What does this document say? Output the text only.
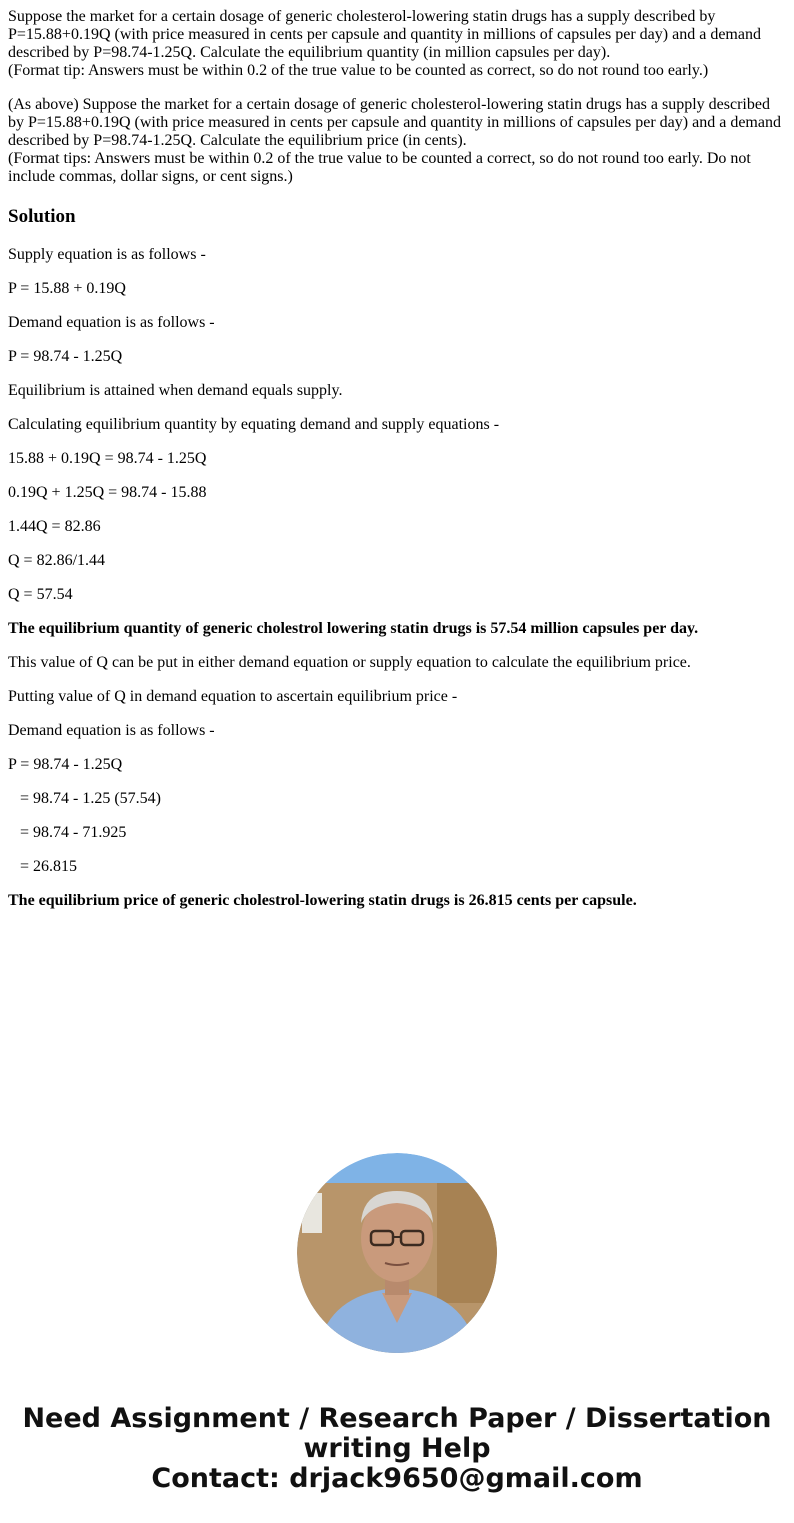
Suppose the market for a certain dosage of generic cholesterol-lowering statin drugs has a supply described by P=15.88+0.19Q (with price measured in cents per capsule and quantity in millions of capsules per day) and a demand described by P=98.74-1.25Q. Calculate the equilibrium quantity (in million capsules per day).

(Format tip: Answers must be within 0.2 of the true value to be counted as correct, so do not round too early.)

(As above) Suppose the market for a certain dosage of generic cholesterol-lowering statin drugs has a supply described by P=15.88+0.19Q (with price measured in cents per capsule and quantity in millions of capsules per day) and a demand described by P=98.74-1.25Q. Calculate the equilibrium price (in cents).

(Format tips: Answers must be within 0.2 of the true value to be counted a correct, so do not round too early. Do not include commas, dollar signs, or cent signs.)

Solution

Supply equation is as follows -

P = 15.88 + 0.19Q

Demand equation is as follows -

P = 98.74 - 1.25Q

Equilibrium is attained when demand equals supply.

Calculating equilibrium quantity by equating demand and supply equations -

15.88 + 0.19Q = 98.74 - 1.25Q

0.19Q + 1.25Q = 98.74 - 15.88

1.44Q = 82.86

Q = 82.86/1.44

Q = 57.54

The equilibrium quantity of generic cholestrol lowering statin drugs is 57.54 million capsules per day.

This value of Q can be put in either demand equation or supply equation to calculate the equilibrium price.

Putting value of Q in demand equation to ascertain equilibrium price -

Demand equation is as follows -

P = 98.74 - 1.25Q

= 98.74 - 1.25 (57.54)

= 98.74 - 71.925

= 26.815

The equilibrium price of generic cholestrol-lowering statin drugs is 26.815 cents per capsule.

Need Assignment / Research Paper / Dissertation
writing Help
Contact: drjack9650@gmail.com
